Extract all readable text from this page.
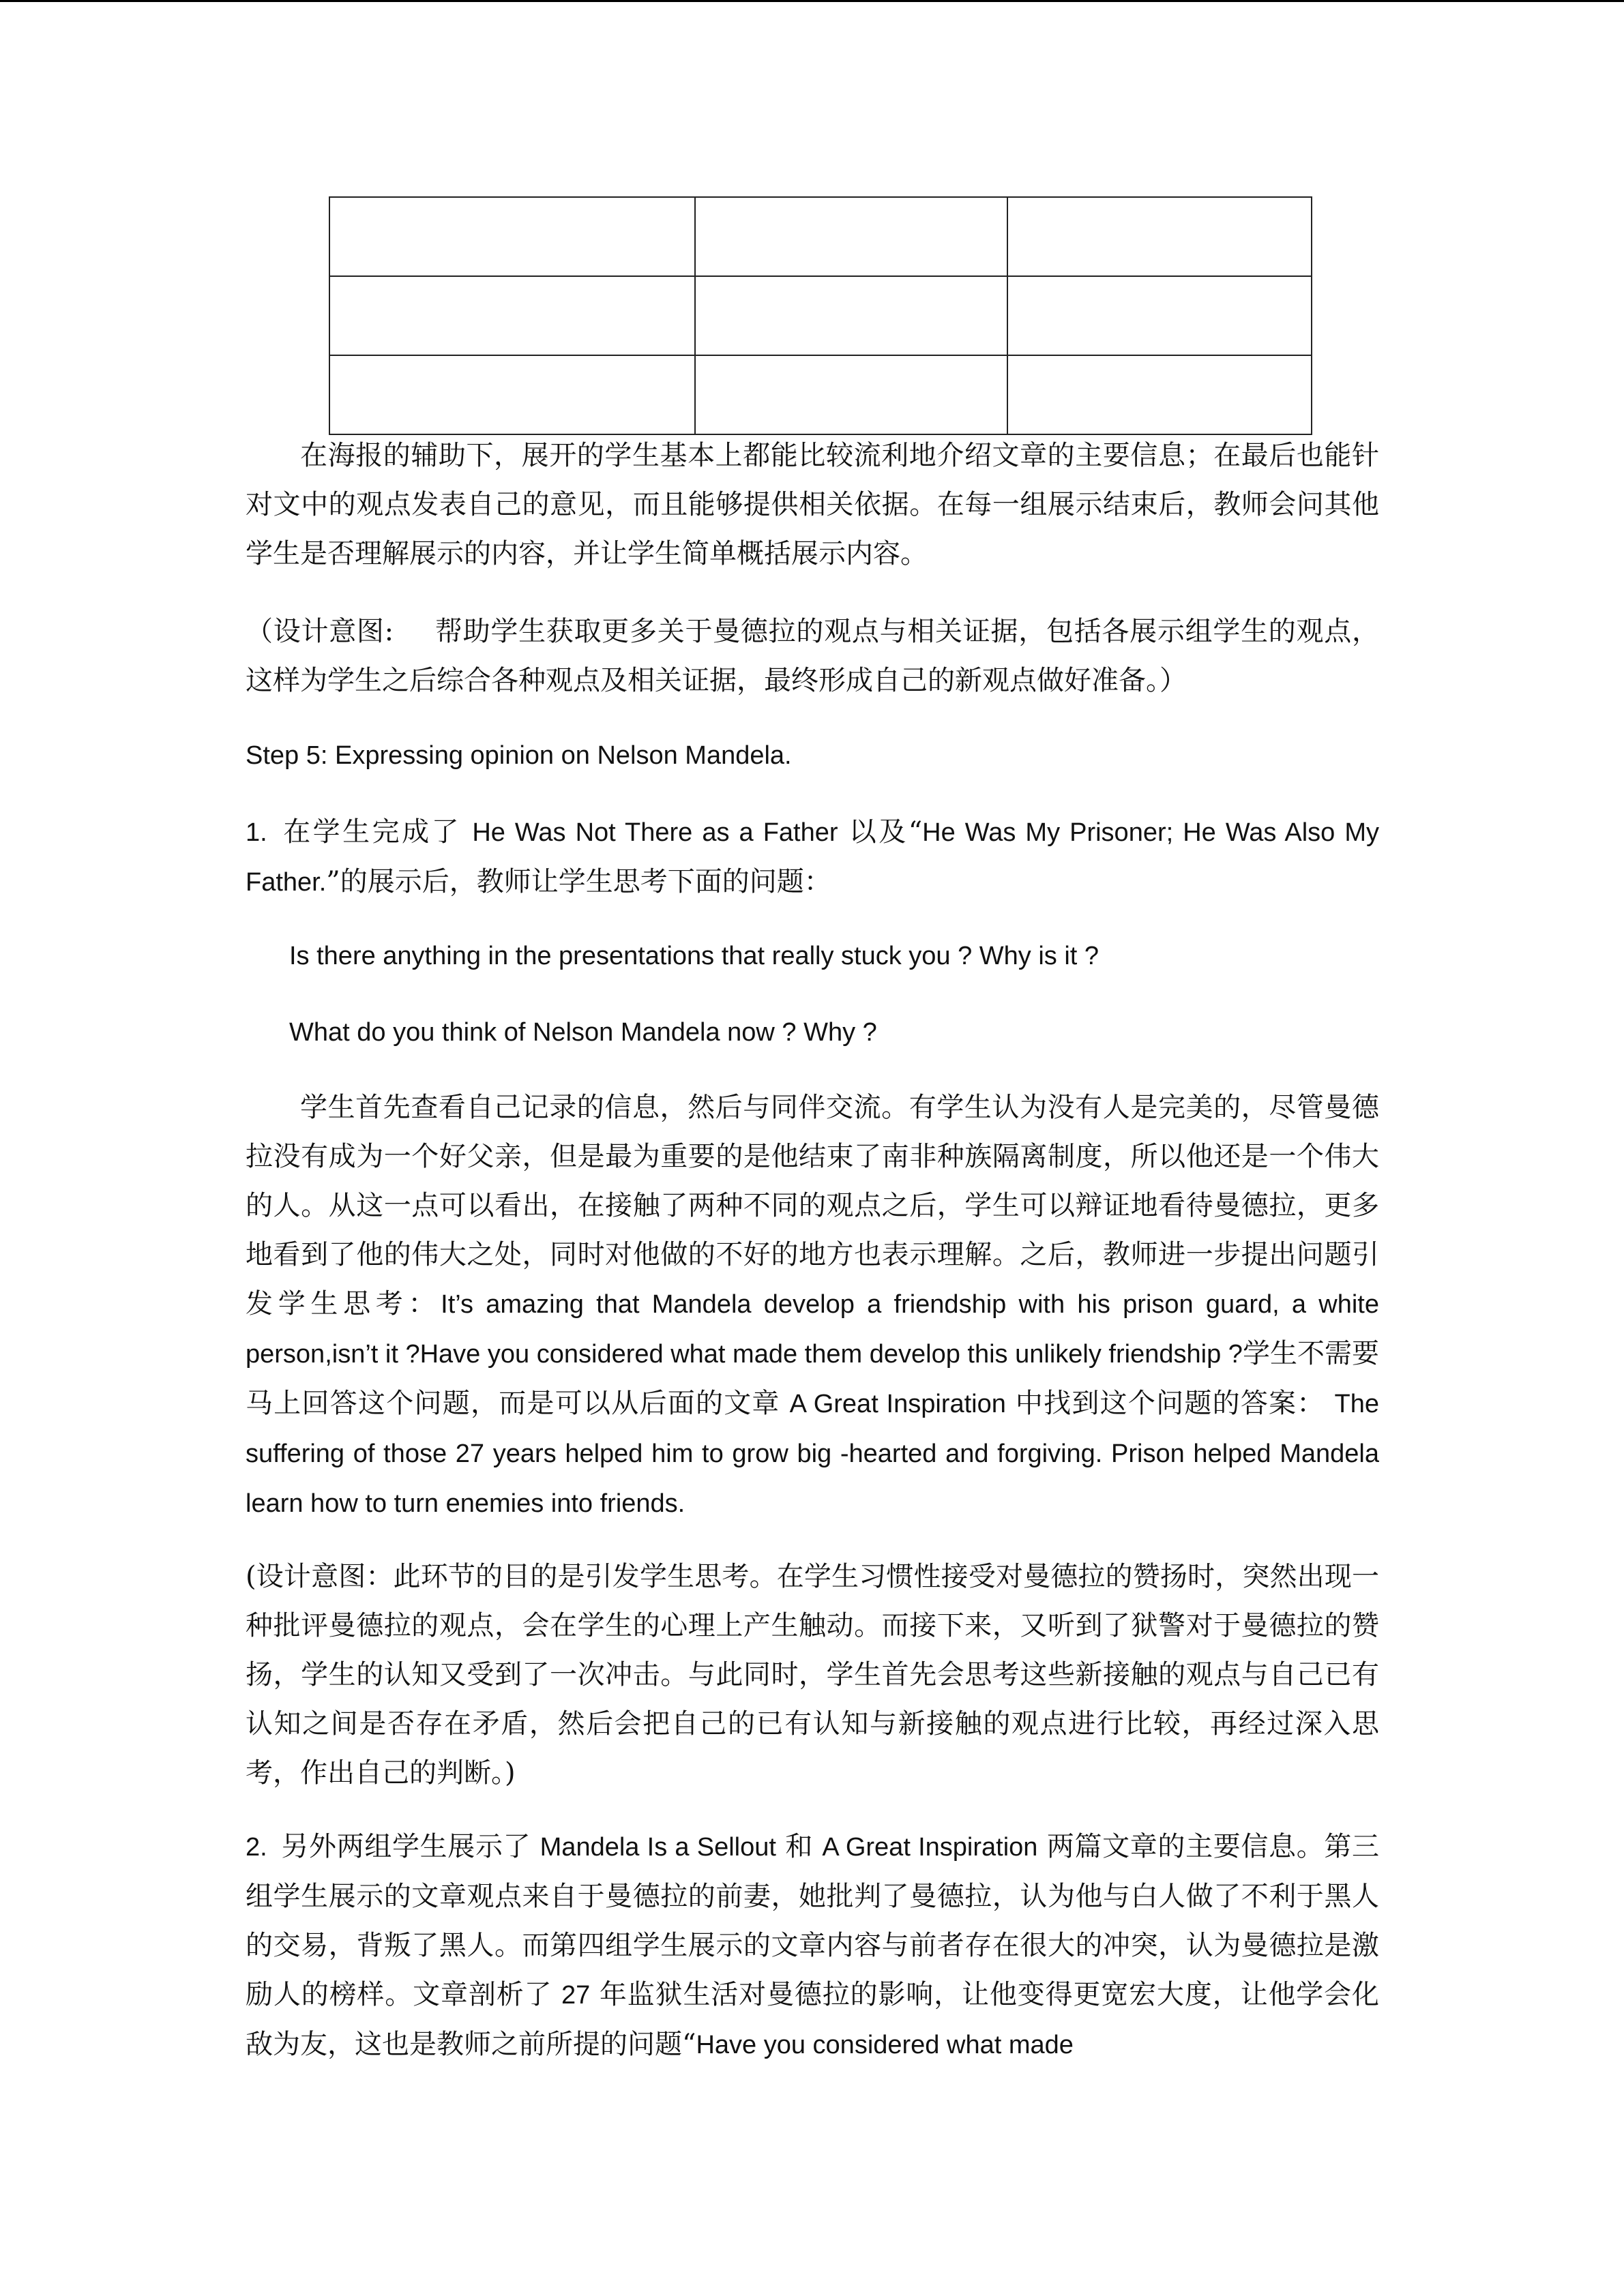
在海报的辅助下，展开的学生基本上都能比较流利地介绍文章的主要信息；在最后也能针对文中的观点发表自己的意见，而且能够提供相关依据。在每一组展示结束后，教师会问其他学生是否理解展示的内容，并让学生简单概括展示内容。

（设计意图: 帮助学生获取更多关于曼德拉的观点与相关证据，包括各展示组学生的观点，这样为学生之后综合各种观点及相关证据，最终形成自己的新观点做好准备。）

Step 5: Expressing opinion on Nelson Mandela.

1. 在学生完成了 He Was Not There as a Father 以及“He Was My Prisoner; He Was Also My Father.”的展示后，教师让学生思考下面的问题：

Is there anything in the presentations that really stuck you ? Why is it ?

What do you think of Nelson Mandela now ? Why ?

学生首先查看自己记录的信息，然后与同伴交流。有学生认为没有人是完美的，尽管曼德拉没有成为一个好父亲，但是最为重要的是他结束了南非种族隔离制度，所以他还是一个伟大的人。从这一点可以看出，在接触了两种不同的观点之后，学生可以辩证地看待曼德拉，更多地看到了他的伟大之处，同时对他做的不好的地方也表示理解。之后，教师进一步提出问题引发学生思考：It’s amazing that Mandela develop a friendship with his prison guard, a white person,isn’t it ?Have you considered what made them develop this unlikely friendship ?学生不需要马上回答这个问题，而是可以从后面的文章 A Great Inspiration 中找到这个问题的答案： The suffering of those 27 years helped him to grow big -hearted and forgiving. Prison helped Mandela learn how to turn enemies into friends.

(设计意图：此环节的目的是引发学生思考。在学生习惯性接受对曼德拉的赞扬时，突然出现一种批评曼德拉的观点，会在学生的心理上产生触动。而接下来，又听到了狱警对于曼德拉的赞扬，学生的认知又受到了一次冲击。与此同时，学生首先会思考这些新接触的观点与自己已有认知之间是否存在矛盾，然后会把自己的已有认知与新接触的观点进行比较，再经过深入思考，作出自己的判断。)

2. 另外两组学生展示了 Mandela Is a Sellout 和 A Great Inspiration 两篇文章的主要信息。第三组学生展示的文章观点来自于曼德拉的前妻，她批判了曼德拉，认为他与白人做了不利于黑人的交易，背叛了黑人。而第四组学生展示的文章内容与前者存在很大的冲突，认为曼德拉是激励人的榜样。文章剖析了 27 年监狱生活对曼德拉的影响，让他变得更宽宏大度，让他学会化敌为友，这也是教师之前所提的问题“Have you considered what made
